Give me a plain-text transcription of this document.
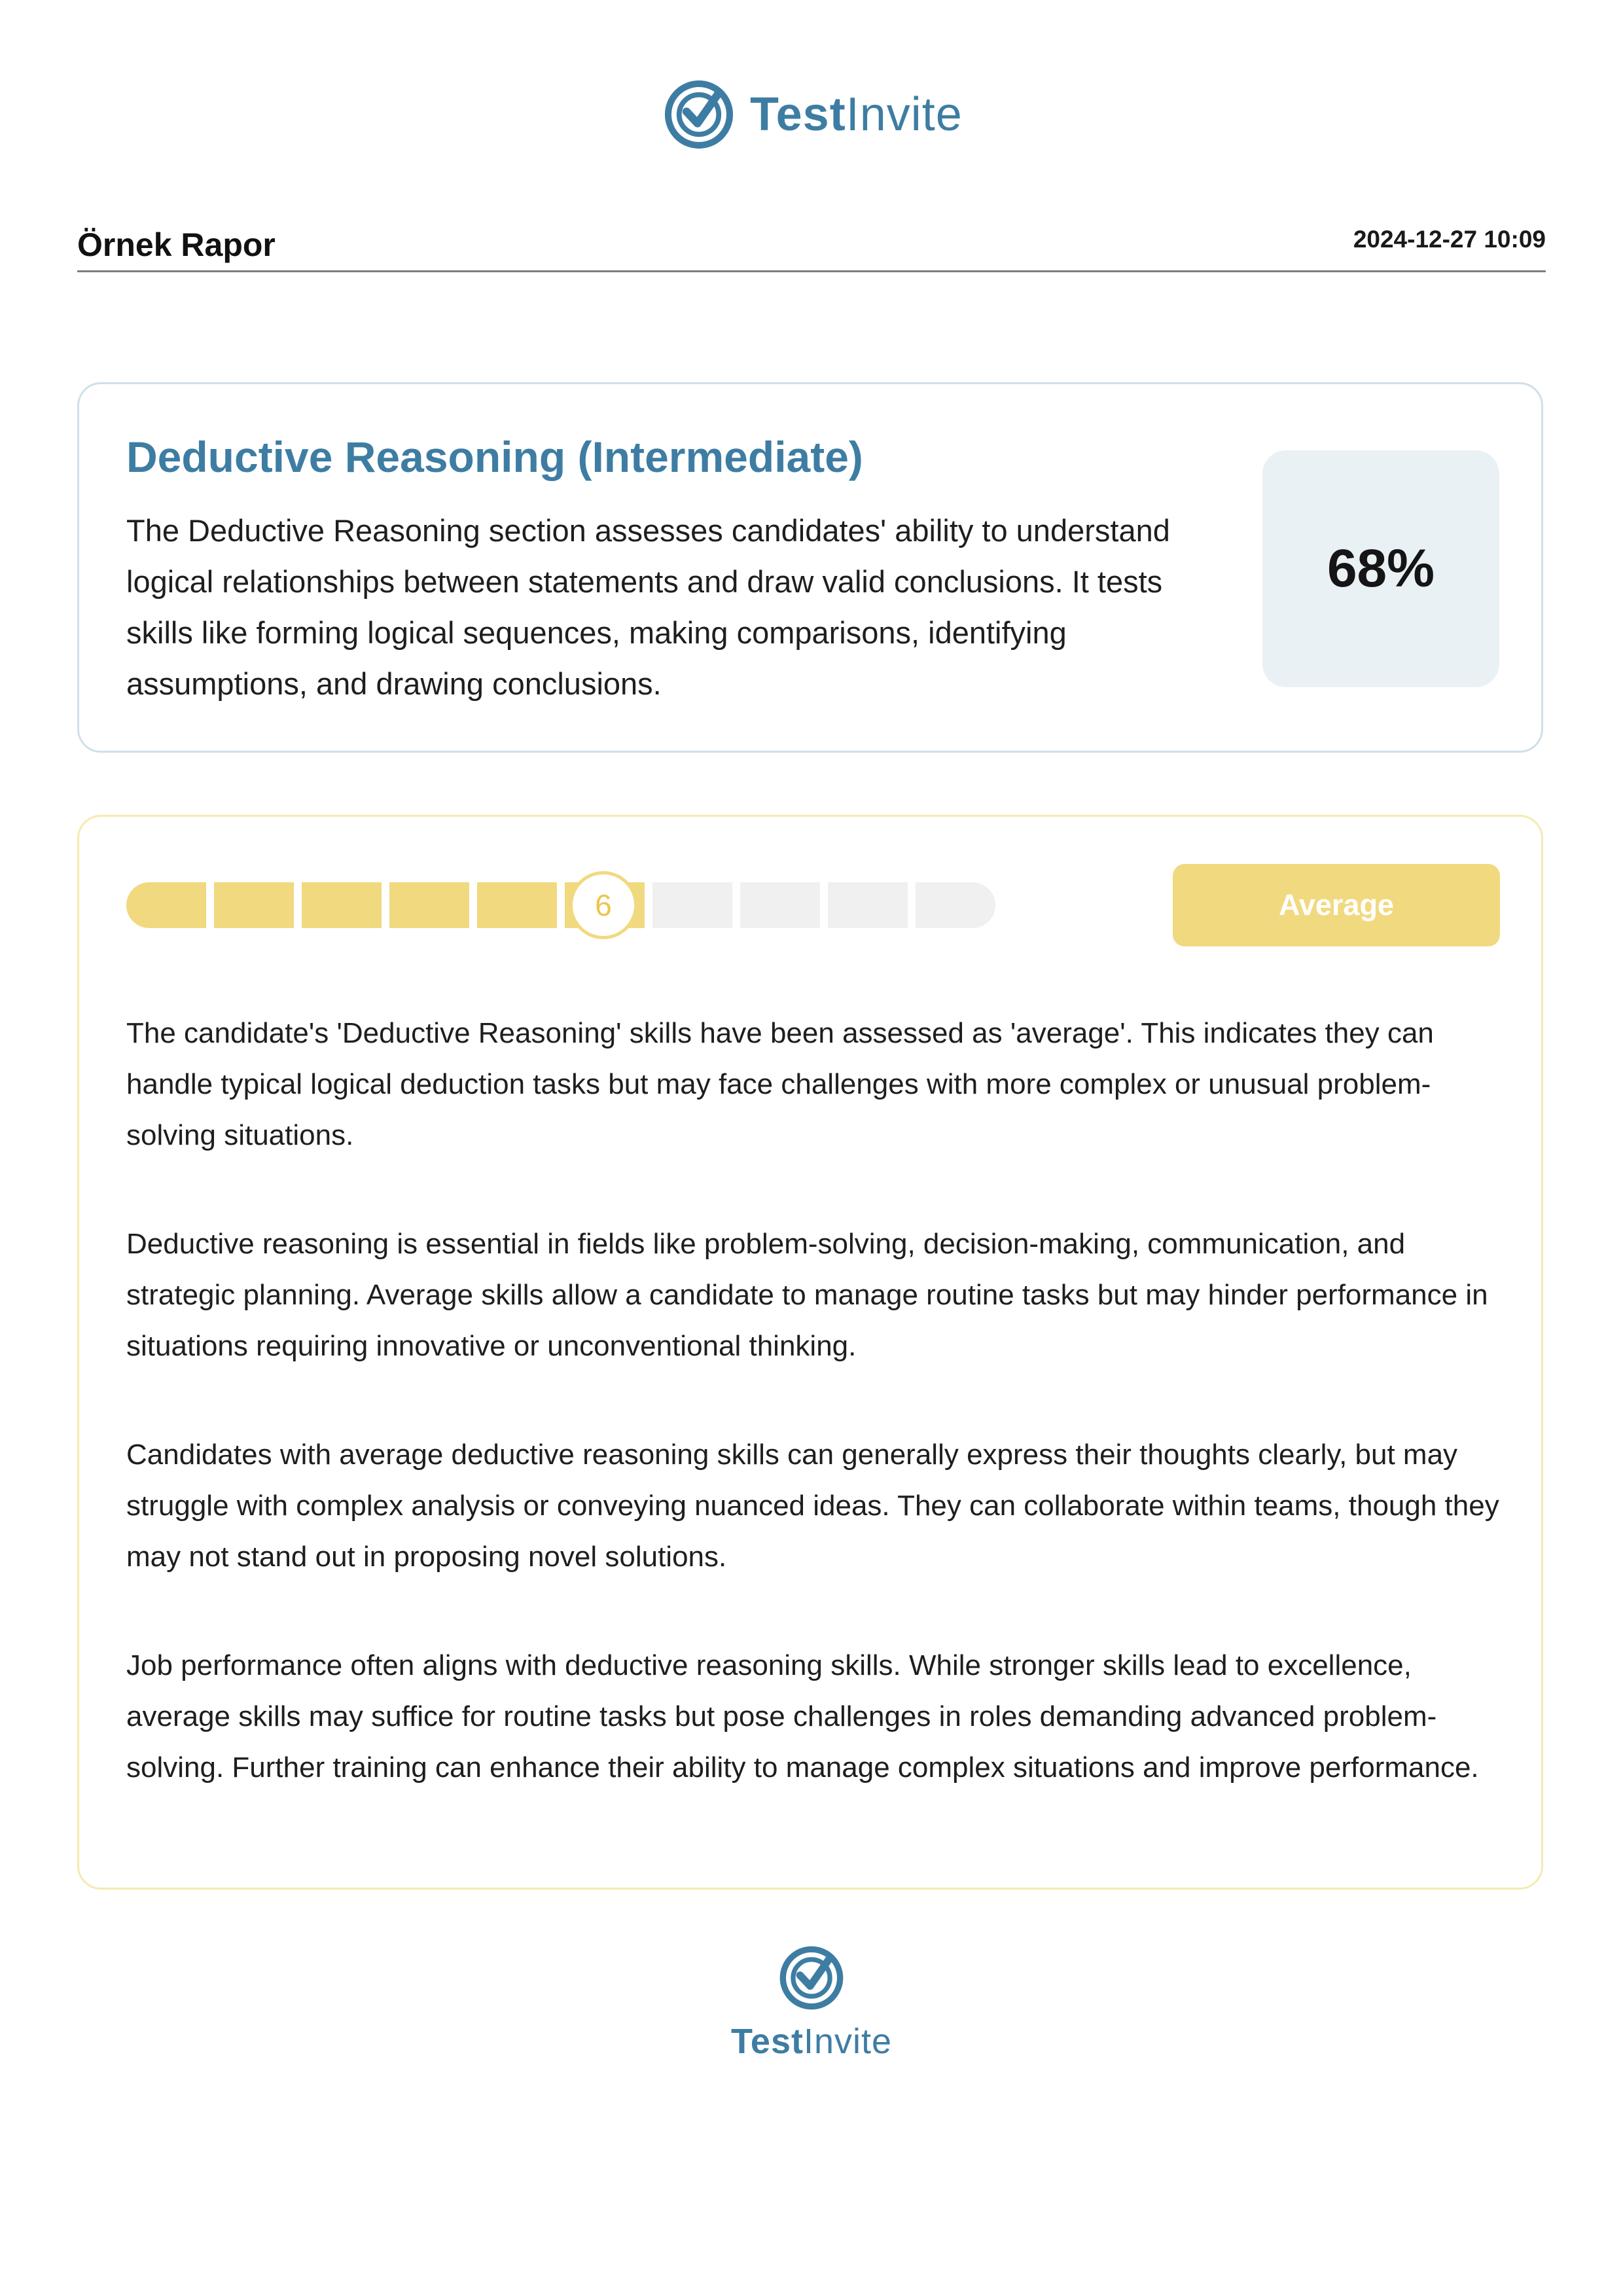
TestInvite
Örnek Rapor	2024-12-27 10:09
Deductive Reasoning (Intermediate)
The Deductive Reasoning section assesses candidates' ability to understand logical relationships between statements and draw valid conclusions. It tests skills like forming logical sequences, making comparisons, identifying assumptions, and drawing conclusions.
68%
6	Average
The candidate's 'Deductive Reasoning' skills have been assessed as 'average'. This indicates they can handle typical logical deduction tasks but may face challenges with more complex or unusual problem-solving situations.
Deductive reasoning is essential in fields like problem-solving, decision-making, communication, and strategic planning. Average skills allow a candidate to manage routine tasks but may hinder performance in situations requiring innovative or unconventional thinking.
Candidates with average deductive reasoning skills can generally express their thoughts clearly, but may struggle with complex analysis or conveying nuanced ideas. They can collaborate within teams, though they may not stand out in proposing novel solutions.
Job performance often aligns with deductive reasoning skills. While stronger skills lead to excellence, average skills may suffice for routine tasks but pose challenges in roles demanding advanced problem-solving. Further training can enhance their ability to manage complex situations and improve performance.
TestInvite
